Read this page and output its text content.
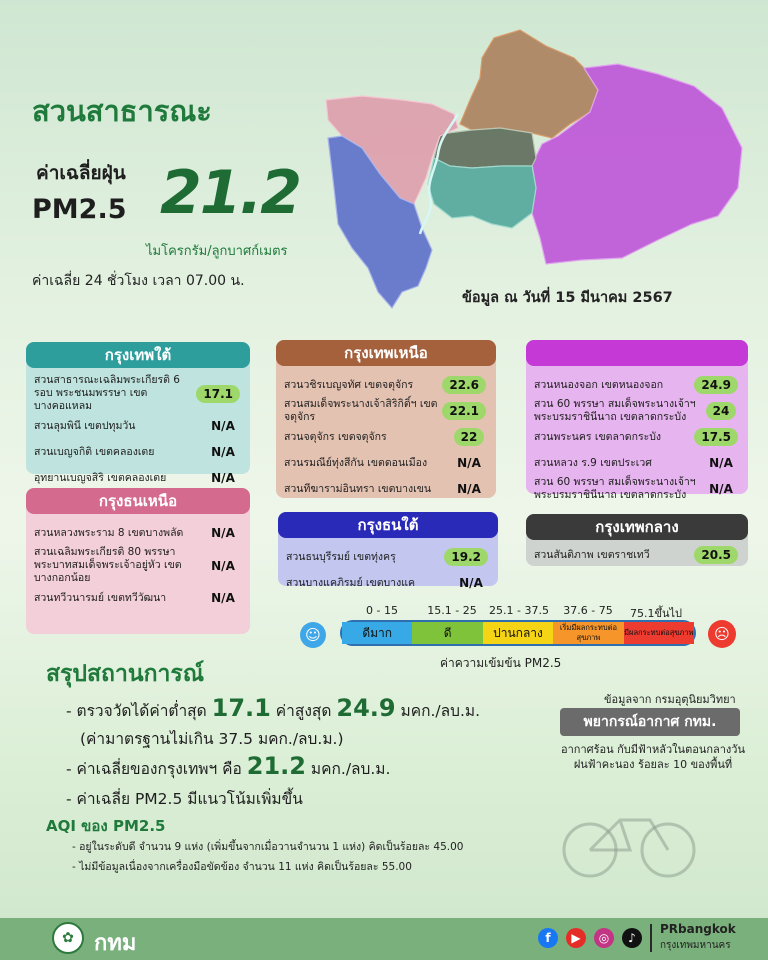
สวนสาธารณะ
ค่าเฉลี่ยฝุ่น
PM2.5 21.2
ไมโครกรัม/ลูกบาศก์เมตร
ค่าเฉลี่ย 24 ชั่วโมง เวลา 07.00 น.
ข้อมูล ณ วันที่ 15 มีนาคม 2567
กรุงเทพใต้
สวนสาธารณะเฉลิมพระเกียรติ 6 รอบ พระชนมพรรษา เขตบางคอแหลม
17.1
สวนลุมพินี เขตปทุมวัน	N/A
สวนเบญจกิติ เขตคลองเตย	N/A
อุทยานเบญจสิริ เขตคลองเตย	N/A
กรุงธนเหนือ
สวนหลวงพระราม 8 เขตบางพลัด	N/A
สวนเฉลิมพระเกียรติ 80 พรรษา พระบาทสมเด็จพระเจ้าอยู่หัว เขตบางกอกน้อย
N/A
สวนทวีวนารมย์ เขตทวีวัฒนา	N/A
กรุงเทพเหนือ
สวนวชิรเบญจทัศ เขตจตุจักร	22.6
สวนสมเด็จพระนางเจ้าสิริกิติ์ฯ เขตจตุจักร	22.1
สวนจตุจักร เขตจตุจักร	22
สวนรมณีย์ทุ่งสีกัน เขตดอนเมือง	N/A
สวนทีฆาราม่อินทรา เขตบางเขน	N/A
กรุงธนใต้
สวนธนบุรีรมย์ เขตทุ่งครุ	19.2
สวนบางแคภิรมย์ เขตบางแค	N/A
สวนหนองจอก เขตหนองจอก	24.9
สวน 60 พรรษา สมเด็จพระนางเจ้าฯ พระบรมราชินีนาถ เขตลาดกระบัง	24
สวนพระนคร เขตลาดกระบัง	17.5
สวนหลวง ร.9 เขตประเวศ	N/A
สวน 60 พรรษา สมเด็จพระนางเจ้าฯ พระบรมราชินีนาถ เขตลาดกระบัง	N/A
กรุงเทพกลาง
สวนสันติภาพ เขตราชเทวี	20.5
0 - 15	15.1 - 25	25.1 - 37.5	37.6 - 75	75.1ขึ้นไป
☺	ดีมาก	ดี	ปานกลาง	เริ่มมีผลกระทบต่อสุขภาพ
มีผลกระทบต่อสุขภาพ	☹
ค่าความเข้มข้น PM2.5
สรุปสถานการณ์
- ตรวจวัดได้ค่าต่ำสุด 17.1 ค่าสูงสุด 24.9 มคก./ลบ.ม.
(ค่ามาตรฐานไม่เกิน 37.5 มคก./ลบ.ม.)
- ค่าเฉลี่ยของกรุงเทพฯ คือ 21.2 มคก./ลบ.ม.
- ค่าเฉลี่ย PM2.5 มีแนวโน้มเพิ่มขึ้น
AQI ของ PM2.5
- อยู่ในระดับดี จำนวน 9 แห่ง (เพิ่มขึ้นจากเมื่อวานจำนวน 1 แห่ง) คิดเป็นร้อยละ 45.00
- ไม่มีข้อมูลเนื่องจากเครื่องมือขัดข้อง จำนวน 11 แห่ง คิดเป็นร้อยละ 55.00
ข้อมูลจาก กรมอุตุนิยมวิทยา
พยากรณ์อากาศ กทม.
อากาศร้อน กับมีฟ้าหลัวในตอนกลางวัน ฝนฟ้าคะนอง ร้อยละ 10 ของพื้นที่
✿ กทม	f	▶	◎	♪
PRbangkok
กรุงเทพมหานคร
